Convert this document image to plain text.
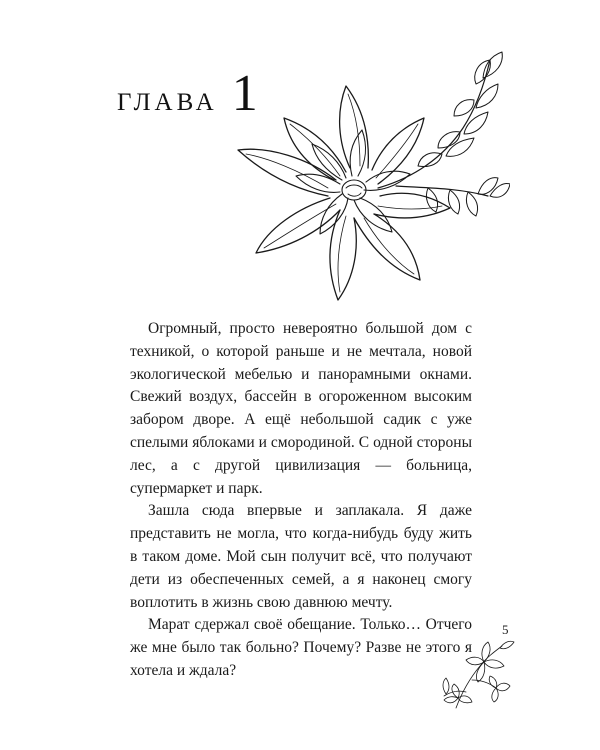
ГЛАВА 1

Огромный, просто невероятно большой дом с техникой, о которой раньше и не мечтала, новой экологической мебелью и панорамными окнами. Свежий воздух, бассейн в огороженном высоким забором дворе. А ещё небольшой садик с уже спелыми яблоками и смородиной. С одной стороны лес, а с другой цивилизация — больница, супермаркет и парк.

Зашла сюда впервые и заплакала. Я даже представить не могла, что когда-нибудь буду жить в таком доме. Мой сын получит всё, что получают дети из обеспеченных семей, а я наконец смогу воплотить в жизнь свою давнюю мечту.

Марат сдержал своё обещание. Только… Отчего же мне было так больно? Почему? Разве не этого я хотела и ждала?

5
